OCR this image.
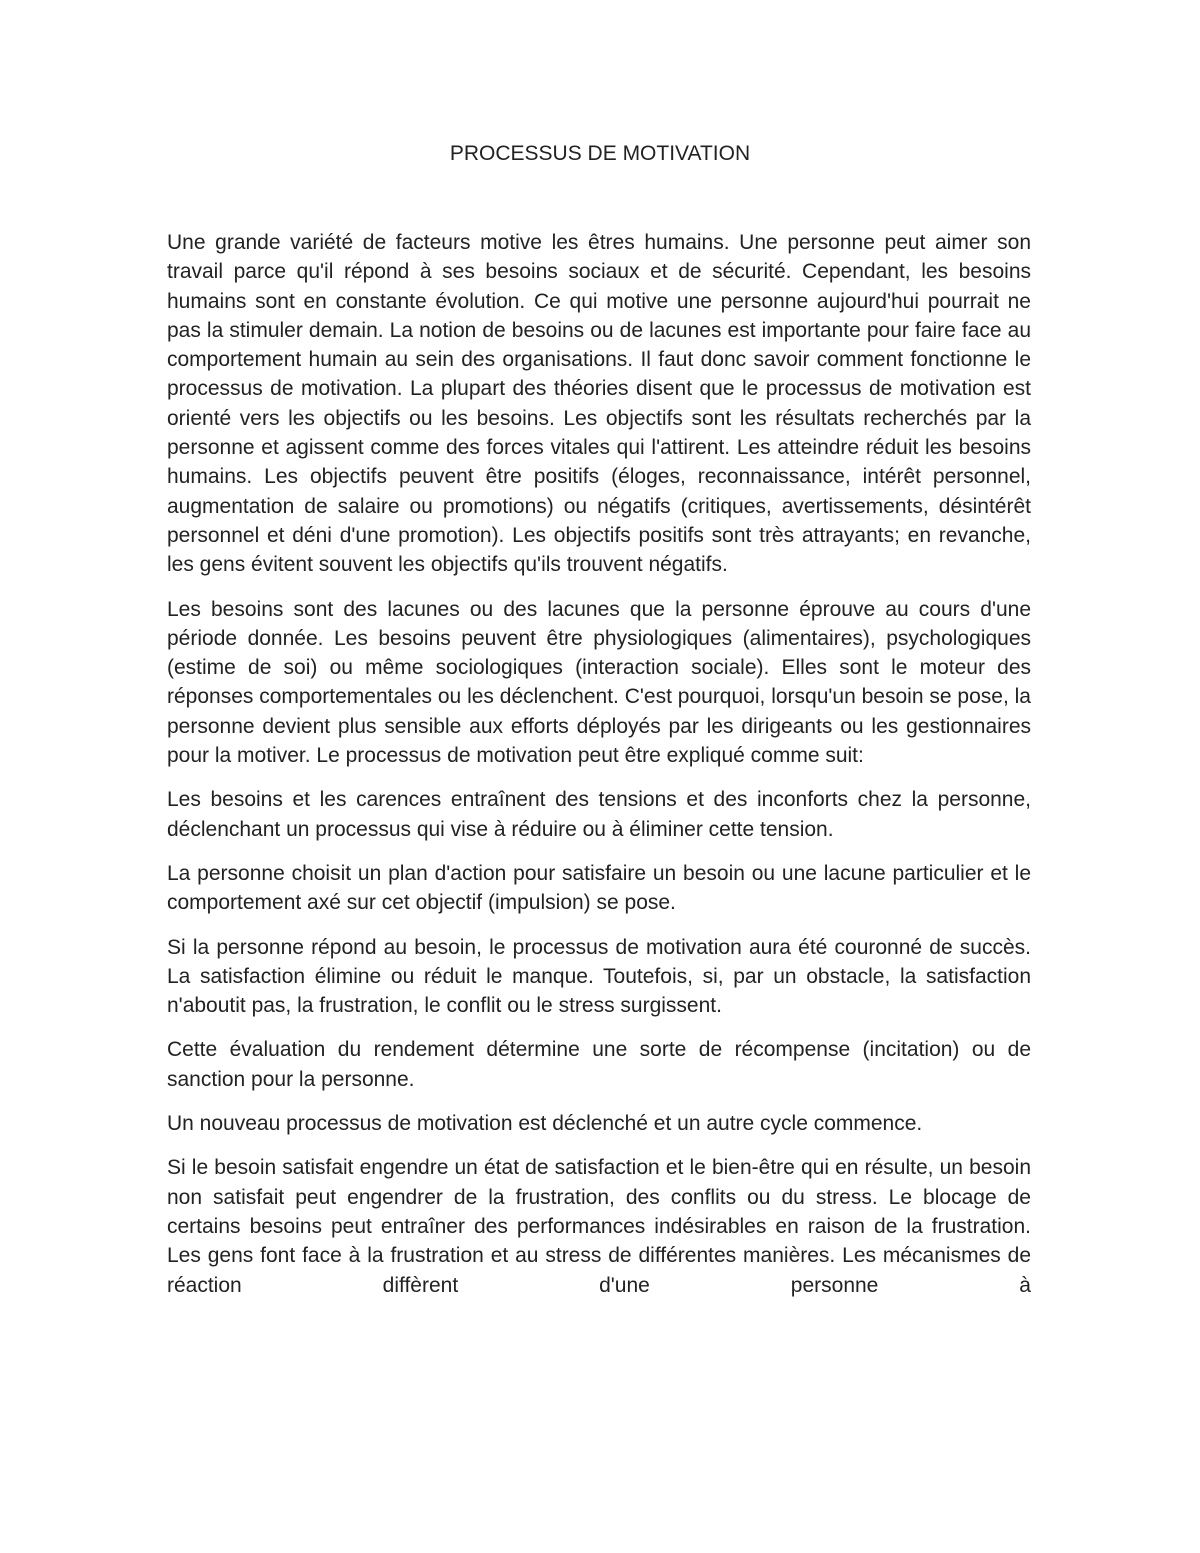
PROCESSUS DE MOTIVATION

Une grande variété de facteurs motive les êtres humains. Une personne peut aimer son travail parce qu'il répond à ses besoins sociaux et de sécurité. Cependant, les besoins humains sont en constante évolution. Ce qui motive une personne aujourd'hui pourrait ne pas la stimuler demain. La notion de besoins ou de lacunes est importante pour faire face au comportement humain au sein des organisations. Il faut donc savoir comment fonctionne le processus de motivation. La plupart des théories disent que le processus de motivation est orienté vers les objectifs ou les besoins. Les objectifs sont les résultats recherchés par la personne et agissent comme des forces vitales qui l'attirent. Les atteindre réduit les besoins humains. Les objectifs peuvent être positifs (éloges, reconnaissance, intérêt personnel, augmentation de salaire ou promotions) ou négatifs (critiques, avertissements, désintérêt personnel et déni d'une promotion). Les objectifs positifs sont très attrayants; en revanche, les gens évitent souvent les objectifs qu'ils trouvent négatifs.

Les besoins sont des lacunes ou des lacunes que la personne éprouve au cours d'une période donnée. Les besoins peuvent être physiologiques (alimentaires), psychologiques (estime de soi) ou même sociologiques (interaction sociale). Elles sont le moteur des réponses comportementales ou les déclenchent. C'est pourquoi, lorsqu'un besoin se pose, la personne devient plus sensible aux efforts déployés par les dirigeants ou les gestionnaires pour la motiver. Le processus de motivation peut être expliqué comme suit:

Les besoins et les carences entraînent des tensions et des inconforts chez la personne, déclenchant un processus qui vise à réduire ou à éliminer cette tension.

La personne choisit un plan d'action pour satisfaire un besoin ou une lacune particulier et le comportement axé sur cet objectif (impulsion) se pose.

Si la personne répond au besoin, le processus de motivation aura été couronné de succès. La satisfaction élimine ou réduit le manque. Toutefois, si, par un obstacle, la satisfaction n'aboutit pas, la frustration, le conflit ou le stress surgissent.

Cette évaluation du rendement détermine une sorte de récompense (incitation) ou de sanction pour la personne.

Un nouveau processus de motivation est déclenché et un autre cycle commence.

Si le besoin satisfait engendre un état de satisfaction et le bien-être qui en résulte, un besoin non satisfait peut engendrer de la frustration, des conflits ou du stress. Le blocage de certains besoins peut entraîner des performances indésirables en raison de la frustration. Les gens font face à la frustration et au stress de différentes manières. Les mécanismes de réaction diffèrent d'une personne à
